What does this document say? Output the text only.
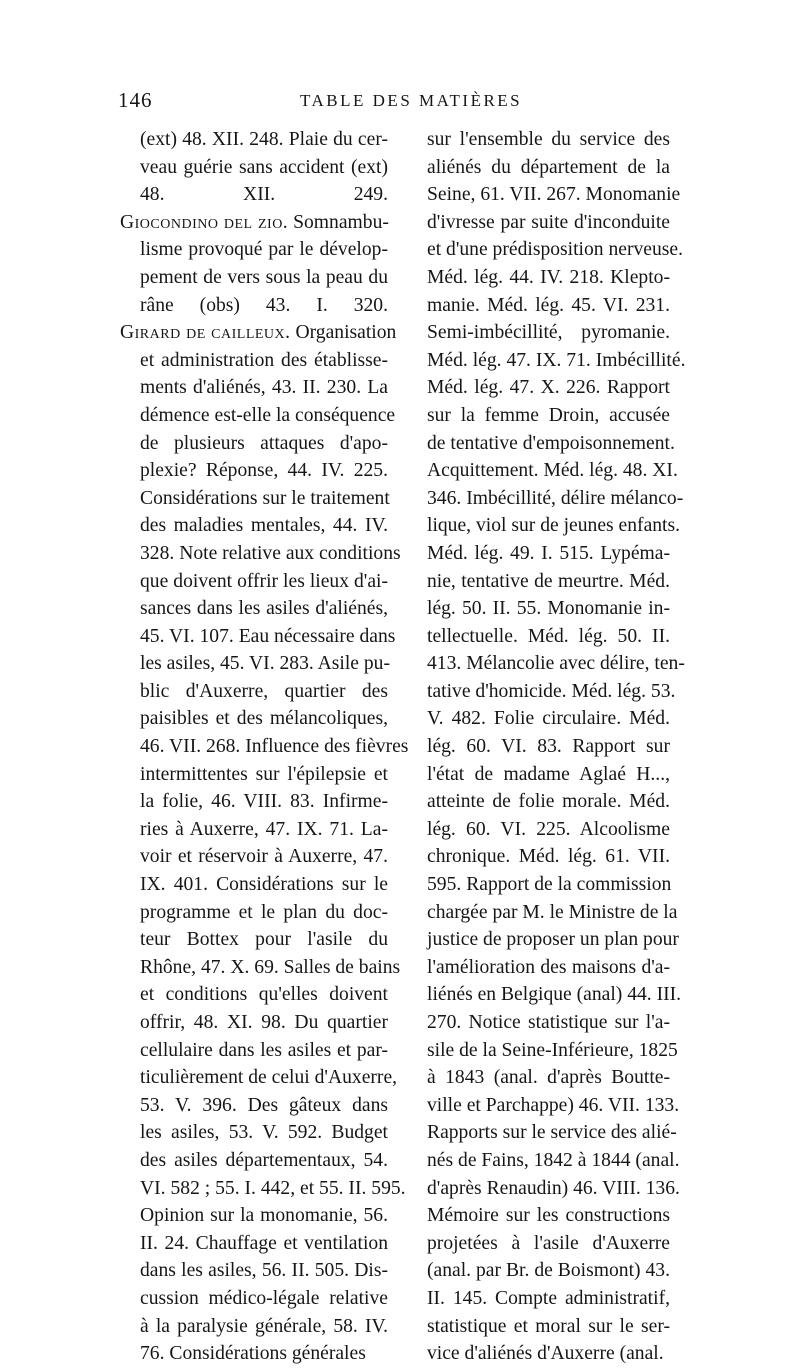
146	TABLE DES MATIÈRES
(ext) 48. XII. 248. Plaie du cer-
veau guérie sans accident (ext)
48. XII. 249.
Giocondino del zio. Somnambu-
lisme provoqué par le dévelop-
pement de vers sous la peau du
râne (obs) 43. I. 320.
Girard de cailleux. Organisation
et administration des établisse-
ments d'aliénés, 43. II. 230. La
démence est-elle la conséquence
de plusieurs attaques d'apo-
plexie? Réponse, 44. IV. 225.
Considérations sur le traitement
des maladies mentales, 44. IV.
328. Note relative aux conditions
que doivent offrir les lieux d'ai-
sances dans les asiles d'aliénés,
45. VI. 107. Eau nécessaire dans
les asiles, 45. VI. 283. Asile pu-
blic d'Auxerre, quartier des
paisibles et des mélancoliques,
46. VII. 268. Influence des fièvres
intermittentes sur l'épilepsie et
la folie, 46. VIII. 83. Infirme-
ries à Auxerre, 47. IX. 71. La-
voir et réservoir à Auxerre, 47.
IX. 401. Considérations sur le
programme et le plan du doc-
teur Bottex pour l'asile du
Rhône, 47. X. 69. Salles de bains
et conditions qu'elles doivent
offrir, 48. XI. 98. Du quartier
cellulaire dans les asiles et par-
ticulièrement de celui d'Auxerre,
53. V. 396. Des gâteux dans
les asiles, 53. V. 592. Budget
des asiles départementaux, 54.
VI. 582 ; 55. I. 442, et 55. II. 595.
Opinion sur la monomanie, 56.
II. 24. Chauffage et ventilation
dans les asiles, 56. II. 505. Dis-
cussion médico-légale relative
à la paralysie générale, 58. IV.
76. Considérations générales
sur l'ensemble du service des
aliénés du département de la
Seine, 61. VII. 267. Monomanie
d'ivresse par suite d'inconduite
et d'une prédisposition nerveuse.
Méd. lég. 44. IV. 218. Klepto-
manie. Méd. lég. 45. VI. 231.
Semi-imbécillité, pyromanie.
Méd. lég. 47. IX. 71. Imbécillité.
Méd. lég. 47. X. 226. Rapport
sur la femme Droin, accusée
de tentative d'empoisonnement.
Acquittement. Méd. lég. 48. XI.
346. Imbécillité, délire mélanco-
lique, viol sur de jeunes enfants.
Méd. lég. 49. I. 515. Lypéma-
nie, tentative de meurtre. Méd.
lég. 50. II. 55. Monomanie in-
tellectuelle. Méd. lég. 50. II.
413. Mélancolie avec délire, ten-
tative d'homicide. Méd. lég. 53.
V. 482. Folie circulaire. Méd.
lég. 60. VI. 83. Rapport sur
l'état de madame Aglaé H...,
atteinte de folie morale. Méd.
lég. 60. VI. 225. Alcoolisme
chronique. Méd. lég. 61. VII.
595. Rapport de la commission
chargée par M. le Ministre de la
justice de proposer un plan pour
l'amélioration des maisons d'a-
liénés en Belgique (anal) 44. III.
270. Notice statistique sur l'a-
sile de la Seine-Inférieure, 1825
à 1843 (anal. d'après Boutte-
ville et Parchappe) 46. VII. 133.
Rapports sur le service des alié-
nés de Fains, 1842 à 1844 (anal.
d'après Renaudin) 46. VIII. 136.
Mémoire sur les constructions
projetées à l'asile d'Auxerre
(anal. par Br. de Boismont) 43.
II. 145. Compte administratif,
statistique et moral sur le ser-
vice d'aliénés d'Auxerre (anal.
